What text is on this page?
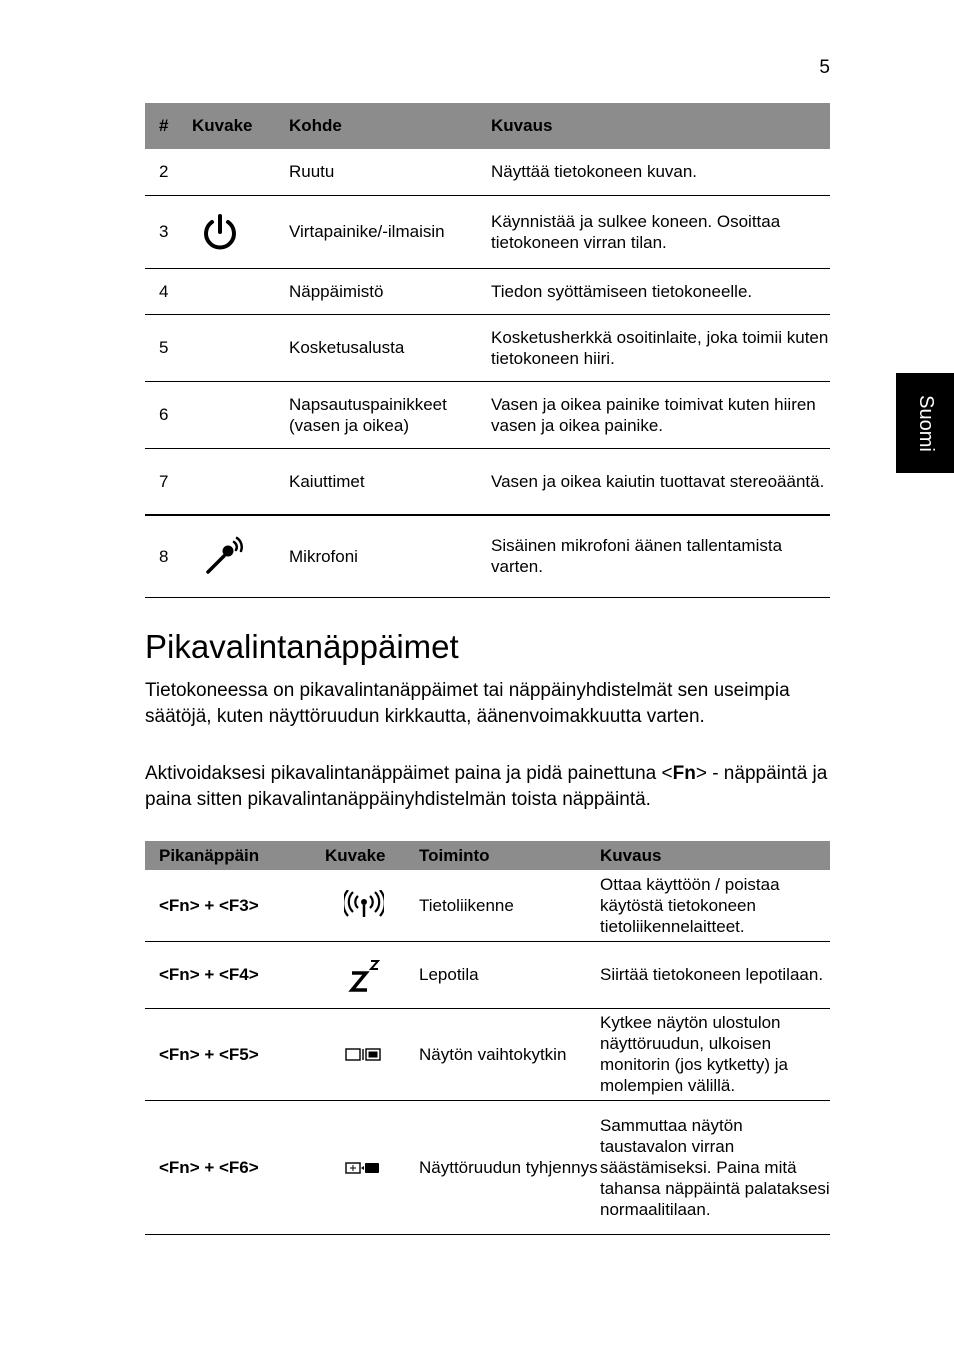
5
Suomi
#	Kuvake	Kohde	Kuvaus
2		Ruutu	Näyttää tietokoneen kuvan.
3		Virtapainike/-ilmaisin	Käynnistää ja sulkee koneen. Osoittaa tietokoneen virran tilan.
4		Näppäimistö	Tiedon syöttämiseen tietokoneelle.
5		Kosketusalusta	Kosketusherkkä osoitinlaite, joka toimii kuten tietokoneen hiiri.
6		Napsautuspainikkeet (vasen ja oikea)	Vasen ja oikea painike toimivat kuten hiiren vasen ja oikea painike.
7		Kaiuttimet	Vasen ja oikea kaiutin tuottavat stereoääntä.
8		Mikrofoni	Sisäinen mikrofoni äänen tallentamista varten.
Pikavalintanäppäimet

Tietokoneessa on pikavalintanäppäimet tai näppäinyhdistelmät sen useimpia säätöjä, kuten näyttöruudun kirkkautta, äänenvoimakkuutta varten.

Aktivoidaksesi pikavalintanäppäimet paina ja pidä painettuna <Fn> - näppäintä ja paina sitten pikavalintanäppäinyhdistelmän toista näppäintä.

Pikanäppäin	Kuvake	Toiminto	Kuvaus
<Fn> + <F3>		Tietoliikenne	Ottaa käyttöön / poistaa käytöstä tietokoneen tietoliikennelaitteet.
<Fn> + <F4>		Lepotila	Siirtää tietokoneen lepotilaan.
<Fn> + <F5>		Näytön vaihtokytkin	Kytkee näytön ulostulon näyttöruudun, ulkoisen monitorin (jos kytketty) ja molempien välillä.
<Fn> + <F6>		Näyttöruudun tyhjennys	Sammuttaa näytön taustavalon virran säästämiseksi. Paina mitä tahansa näppäintä palataksesi normaalitilaan.
